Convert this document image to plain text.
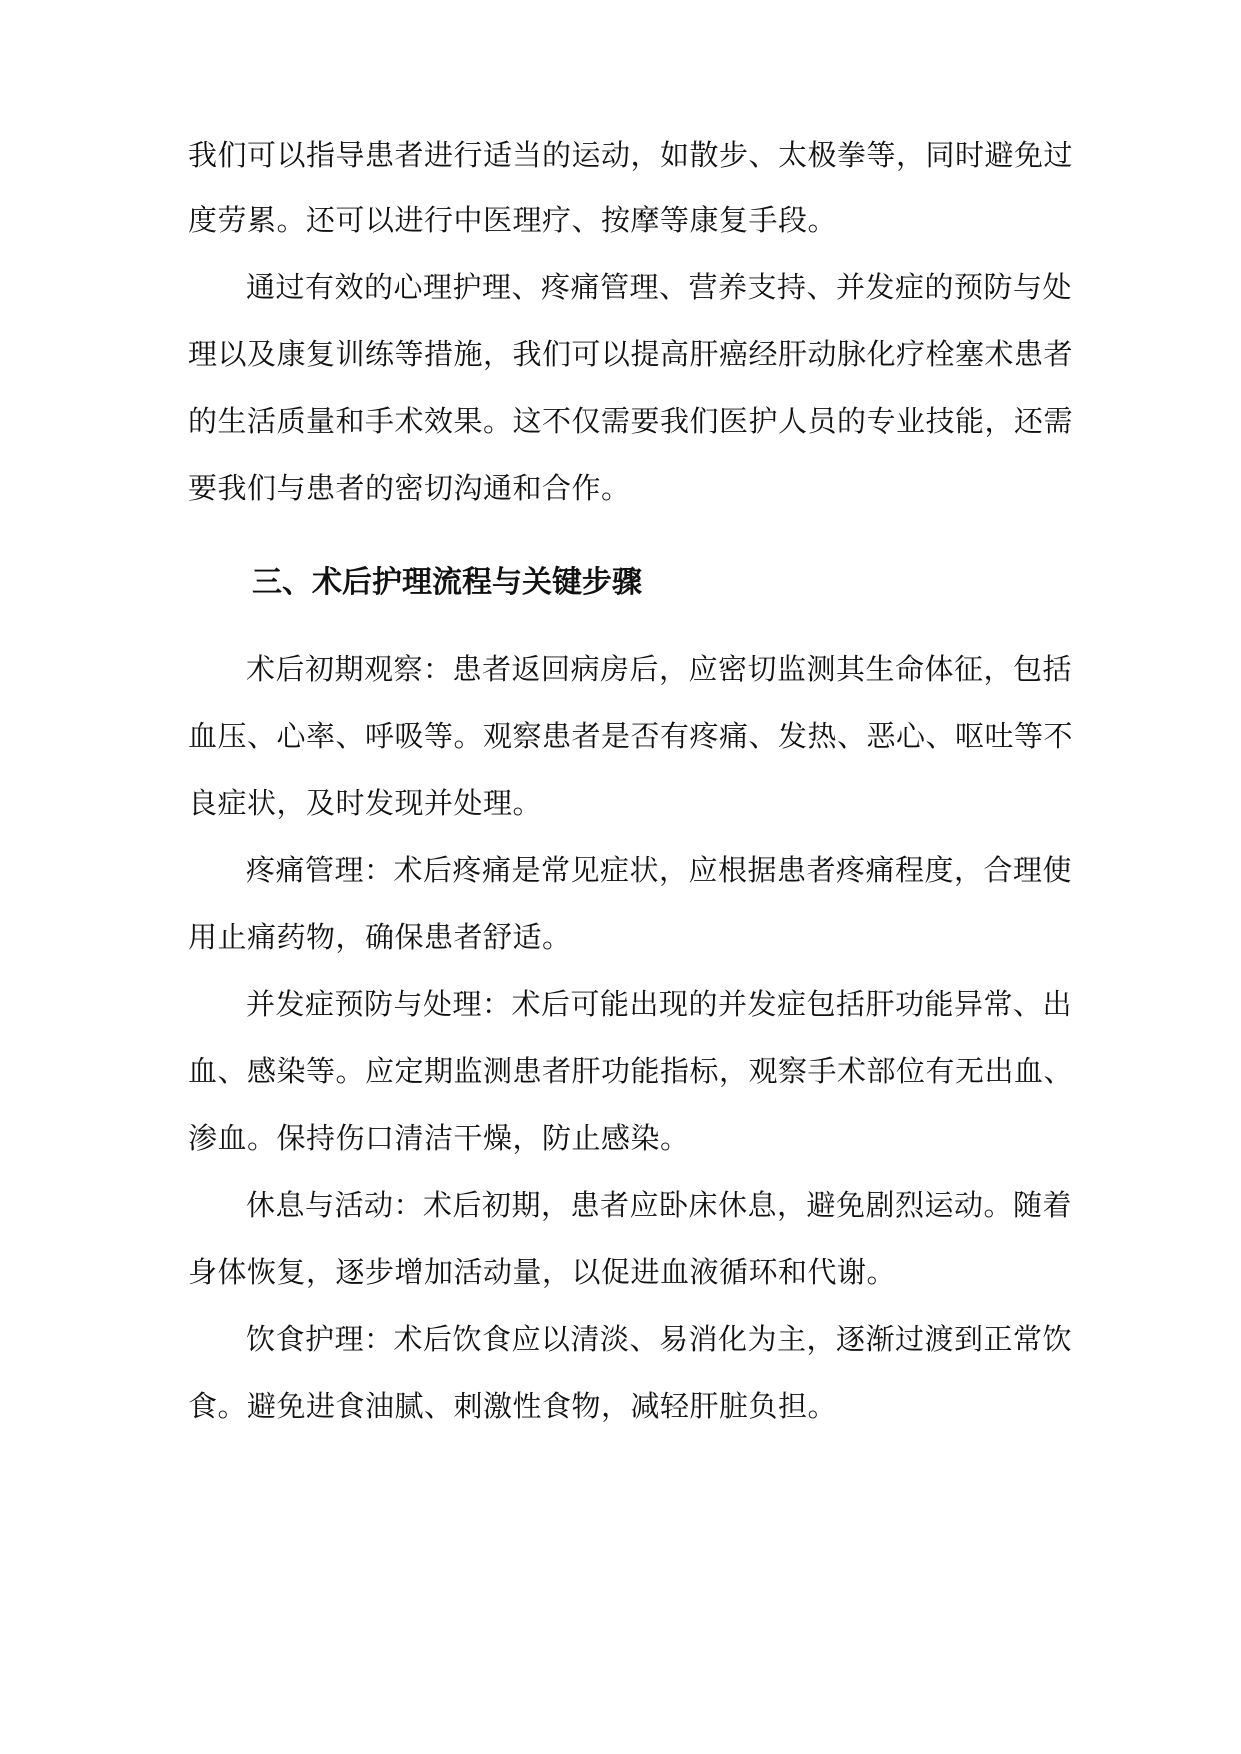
我们可以指导患者进行适当的运动，如散步、太极拳等，同时避免过
度劳累。还可以进行中医理疗、按摩等康复手段。
通过有效的心理护理、疼痛管理、营养支持、并发症的预防与处
理以及康复训练等措施，我们可以提高肝癌经肝动脉化疗栓塞术患者
的生活质量和手术效果。这不仅需要我们医护人员的专业技能，还需
要我们与患者的密切沟通和合作。
三、术后护理流程与关键步骤
术后初期观察：患者返回病房后，应密切监测其生命体征，包括
血压、心率、呼吸等。观察患者是否有疼痛、发热、恶心、呕吐等不
良症状，及时发现并处理。
疼痛管理：术后疼痛是常见症状，应根据患者疼痛程度，合理使
用止痛药物，确保患者舒适。
并发症预防与处理：术后可能出现的并发症包括肝功能异常、出
血、感染等。应定期监测患者肝功能指标，观察手术部位有无出血、
渗血。保持伤口清洁干燥，防止感染。
休息与活动：术后初期，患者应卧床休息，避免剧烈运动。随着
身体恢复，逐步增加活动量，以促进血液循环和代谢。
饮食护理：术后饮食应以清淡、易消化为主，逐渐过渡到正常饮
食。避免进食油腻、刺激性食物，减轻肝脏负担。
